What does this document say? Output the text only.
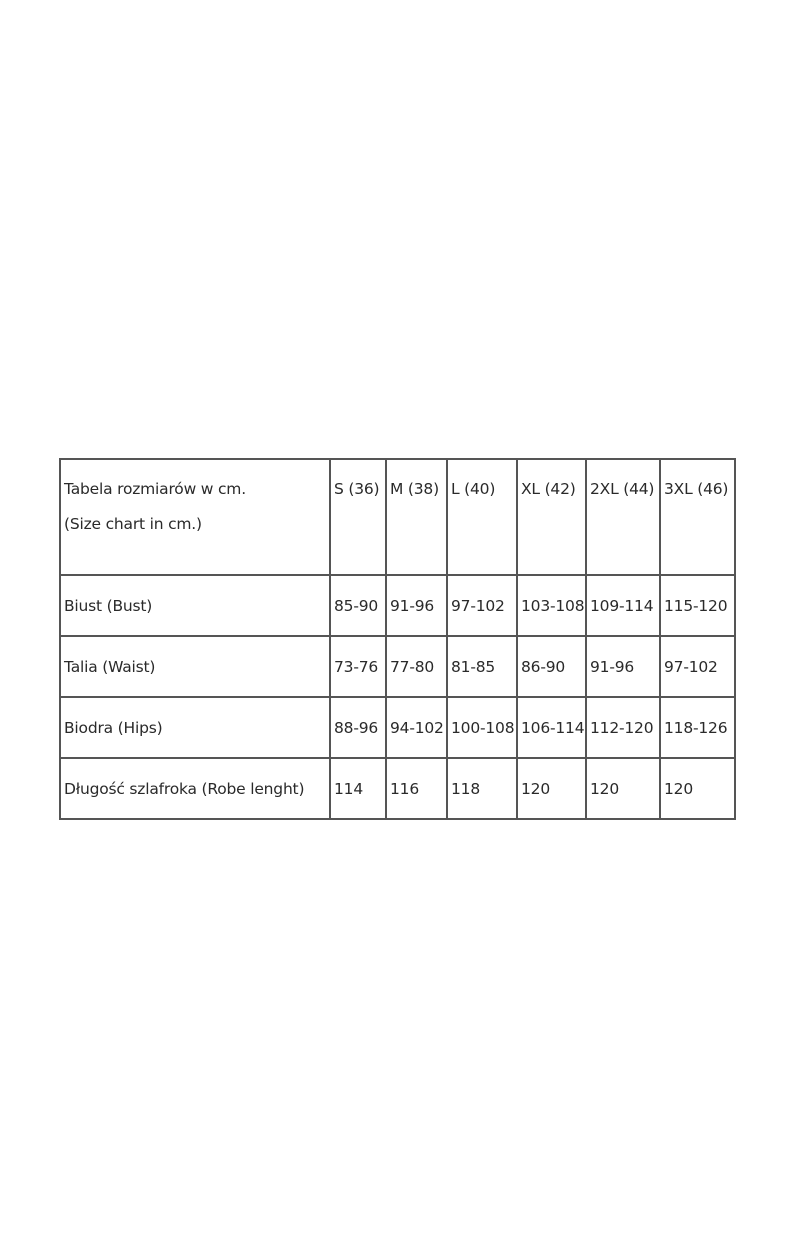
Tabela rozmiarów w cm.
(Size chart in cm.)	S (36)	M (38)	L (40)	XL (42)	2XL (44)	3XL (46)

Biust (Bust)	85-90	91-96	97-102	103-108	109-114	115-120
Talia (Waist)	73-76	77-80	81-85	86-90	91-96	97-102
Biodra (Hips)	88-96	94-102	100-108	106-114	112-120	118-126
Długość szlafroka (Robe lenght)	114	116	118	120	120	120
